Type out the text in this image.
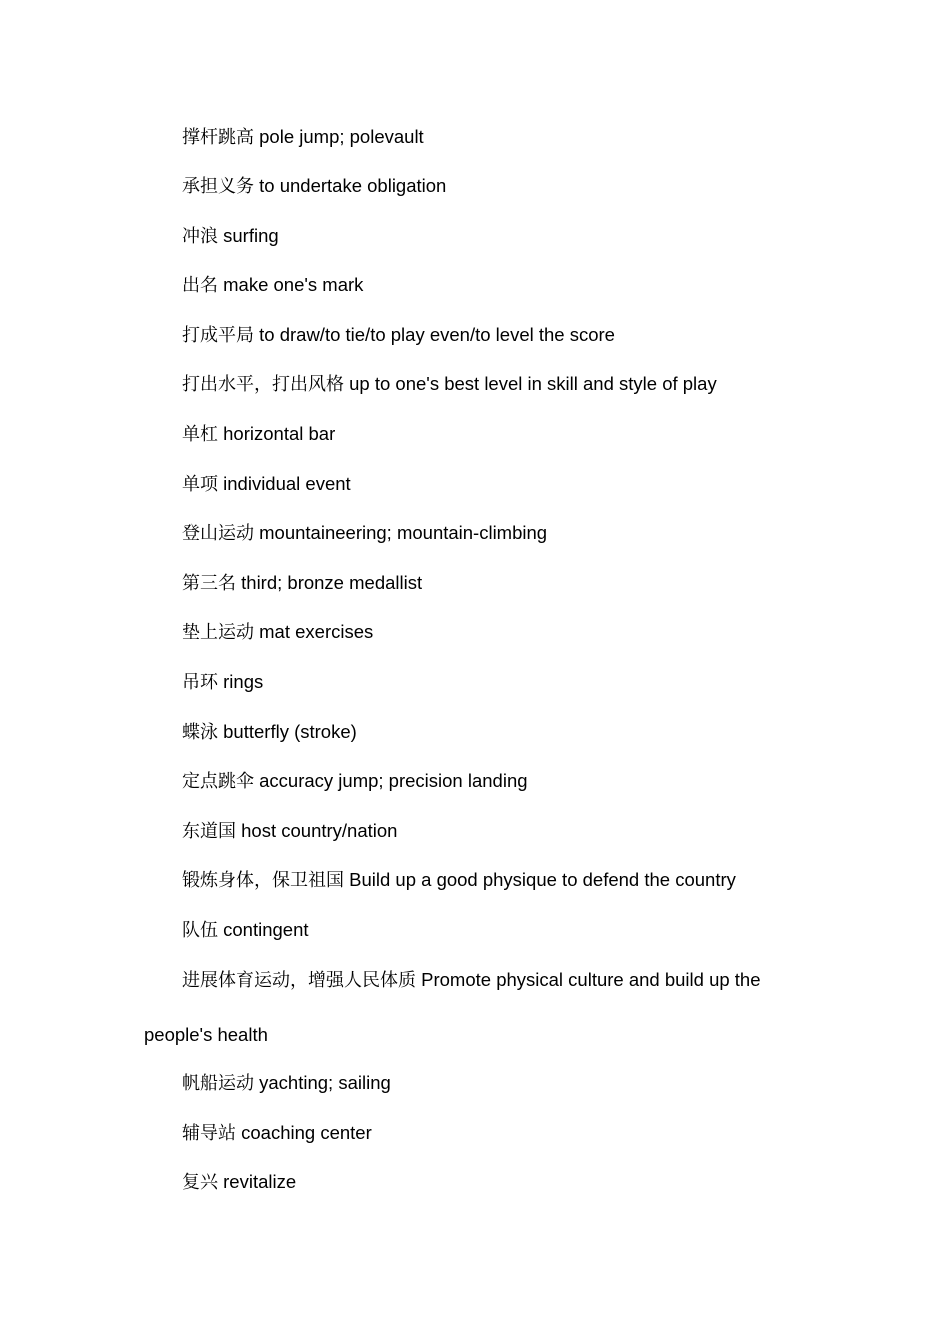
撑杆跳高 pole jump; polevault
承担义务 to undertake obligation
冲浪 surfing
出名 make one's mark
打成平局 to draw/to tie/to play even/to level the score
打出水平，打出风格 up to one's best level in skill and style of play
单杠 horizontal bar
单项 individual event
登山运动 mountaineering; mountain-climbing
第三名 third; bronze medallist
垫上运动 mat exercises
吊环 rings
蝶泳 butterfly (stroke)
定点跳伞 accuracy jump; precision landing
东道国 host country/nation
锻炼身体，保卫祖国 Build up a good physique to defend the country
队伍 contingent
进展体育运动，增强人民体质 Promote physical culture and build up the people's health
帆船运动 yachting; sailing
辅导站 coaching center
复兴 revitalize
